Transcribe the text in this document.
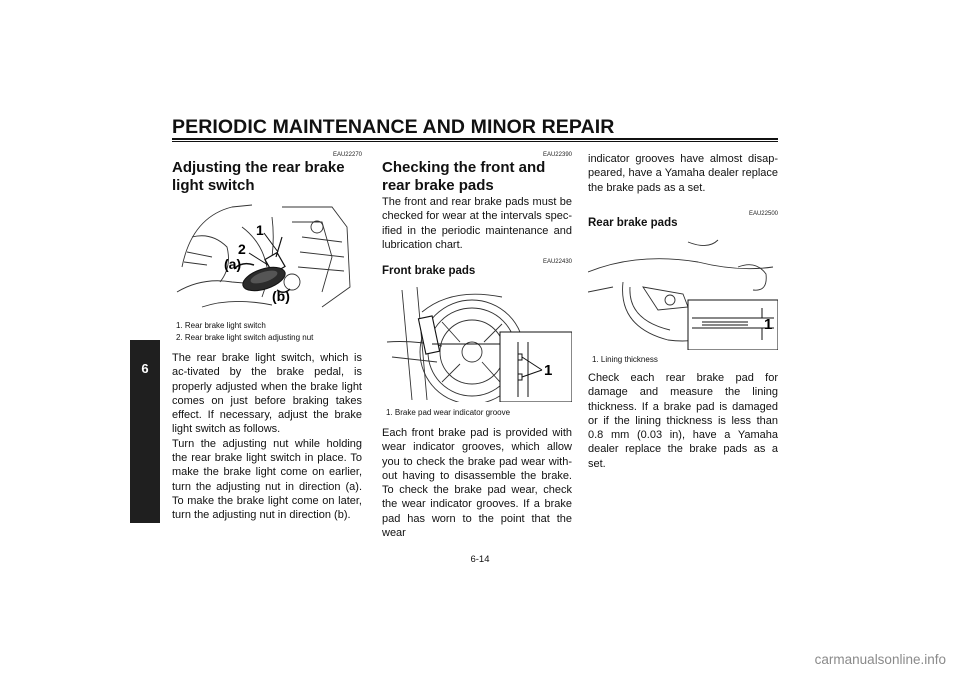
PERIODIC MAINTENANCE AND MINOR REPAIR
6

EAU22270

Adjusting the rear brake light switch
1
2
(a)
(b)

1. Rear brake light switch

2. Rear brake light switch adjusting nut

The rear brake light switch, which is ac-tivated by the brake pedal, is properly adjusted when the brake light comes on just before braking takes effect. If necessary, adjust the brake light switch as follows.

Turn the adjusting nut while holding the rear brake light switch in place. To make the brake light come on earlier, turn the adjusting nut in direction (a). To make the brake light come on later, turn the adjusting nut in direction (b).

EAU22390

Checking the front and rear brake pads

The front and rear brake pads must be checked for wear at the intervals spec-ified in the periodic maintenance and lubrication chart.

EAU22430

Front brake pads
1

1. Brake pad wear indicator groove

Each front brake pad is provided with wear indicator grooves, which allow you to check the brake pad wear with-out having to disassemble the brake. To check the brake pad wear, check the wear indicator grooves. If a brake pad has worn to the point that the wear

indicator grooves have almost disap-peared, have a Yamaha dealer replace the brake pads as a set.

EAU22500

Rear brake pads
1

1. Lining thickness

Check each rear brake pad for damage and measure the lining thickness. If a brake pad is damaged or if the lining thickness is less than 0.8 mm (0.03 in), have a Yamaha dealer replace the brake pads as a set.

6-14
carmanualsonline.info
